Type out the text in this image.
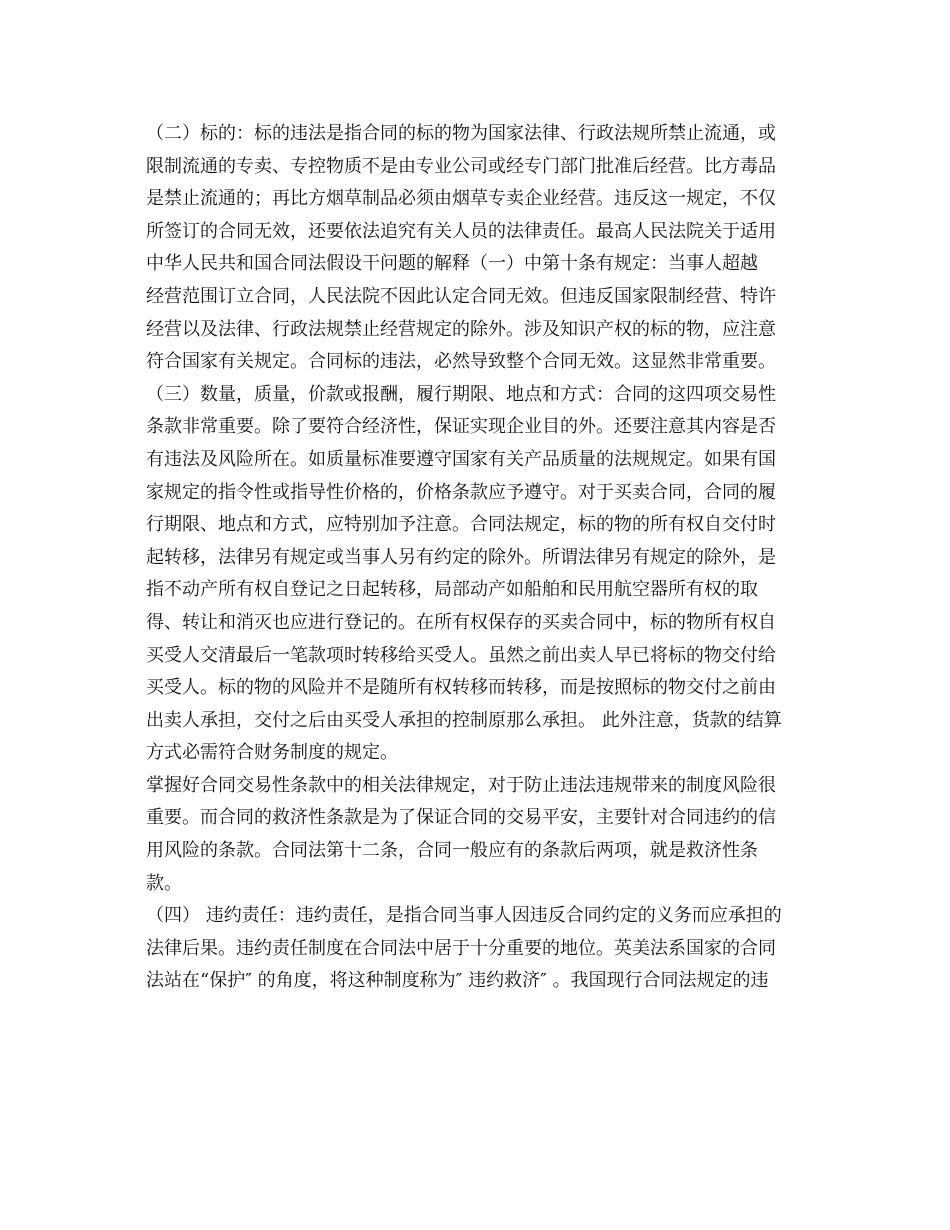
（二）标的：标的违法是指合同的标的物为国家法律、行政法规所禁止流通，或
限制流通的专卖、专控物质不是由专业公司或经专门部门批准后经营。比方毒品
是禁止流通的；再比方烟草制品必须由烟草专卖企业经营。违反这一规定，不仅
所签订的合同无效，还要依法追究有关人员的法律责任。最高人民法院关于适用
中华人民共和国合同法假设干问题的解释（一）中第十条有规定：当事人超越
经营范围订立合同，人民法院不因此认定合同无效。但违反国家限制经营、特许
经营以及法律、行政法规禁止经营规定的除外。涉及知识产权的标的物，应注意
符合国家有关规定。合同标的违法，必然导致整个合同无效。这显然非常重要。
（三）数量，质量，价款或报酬，履行期限、地点和方式：合同的这四项交易性
条款非常重要。除了要符合经济性，保证实现企业目的外。还要注意其内容是否
有违法及风险所在。如质量标准要遵守国家有关产品质量的法规规定。如果有国
家规定的指令性或指导性价格的，价格条款应予遵守。对于买卖合同，合同的履
行期限、地点和方式，应特别加予注意。合同法规定，标的物的所有权自交付时
起转移，法律另有规定或当事人另有约定的除外。所谓法律另有规定的除外，是
指不动产所有权自登记之日起转移，局部动产如船舶和民用航空器所有权的取
得、转让和消灭也应进行登记的。在所有权保存的买卖合同中，标的物所有权自
买受人交清最后一笔款项时转移给买受人。虽然之前出卖人早已将标的物交付给
买受人。标的物的风险并不是随所有权转移而转移，而是按照标的物交付之前由
出卖人承担，交付之后由买受人承担的控制原那么承担。 此外注意，货款的结算
方式必需符合财务制度的规定。
掌握好合同交易性条款中的相关法律规定，对于防止违法违规带来的制度风险很
重要。而合同的救济性条款是为了保证合同的交易平安，主要针对合同违约的信
用风险的条款。合同法第十二条，合同一般应有的条款后两项，就是救济性条
款。
（四） 违约责任：违约责任，是指合同当事人因违反合同约定的义务而应承担的
法律后果。违约责任制度在合同法中居于十分重要的地位。英美法系国家的合同
法站在“保护″ 的角度，将这种制度称为″ 违约救济″ 。我国现行合同法规定的违
